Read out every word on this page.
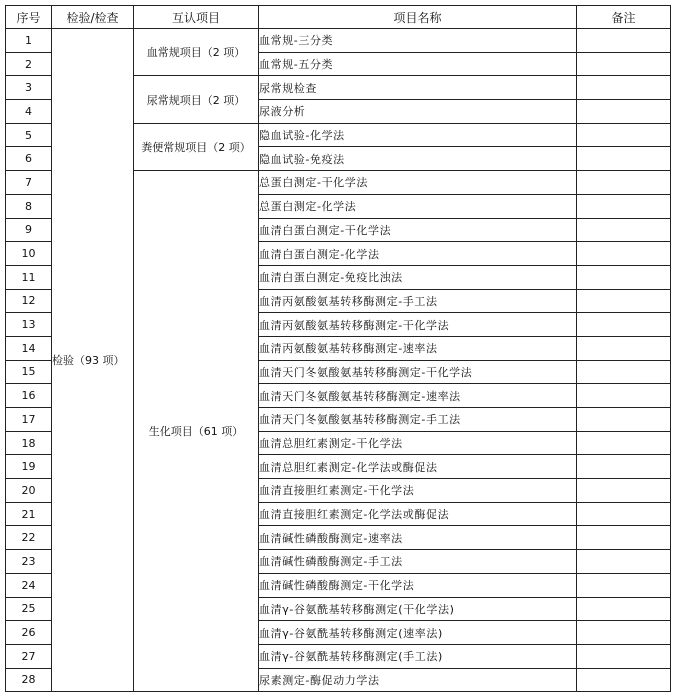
序号	检验/检查	互认项目	项目名称	备注
1	检验（93 项）	血常规项目（2 项）	血常规-三分类	
2			血常规-五分类	
3		尿常规项目（2 项）	尿常规检查	
4			尿液分析	
5		粪便常规项目（2 项）	隐血试验-化学法	
6			隐血试验-免疫法	
7		生化项目（61 项）	总蛋白测定-干化学法	
8			总蛋白测定-化学法	
9			血清白蛋白测定-干化学法	
10			血清白蛋白测定-化学法	
11			血清白蛋白测定-免疫比浊法	
12			血清丙氨酸氨基转移酶测定-手工法	
13			血清丙氨酸氨基转移酶测定-干化学法	
14			血清丙氨酸氨基转移酶测定-速率法	
15			血清天门冬氨酸氨基转移酶测定-干化学法	
16			血清天门冬氨酸氨基转移酶测定-速率法	
17			血清天门冬氨酸氨基转移酶测定-手工法	
18			血清总胆红素测定-干化学法	
19			血清总胆红素测定-化学法或酶促法	
20			血清直接胆红素测定-干化学法	
21			血清直接胆红素测定-化学法或酶促法	
22			血清碱性磷酸酶测定-速率法	
23			血清碱性磷酸酶测定-手工法	
24			血清碱性磷酸酶测定-干化学法	
25			血清γ-谷氨酰基转移酶测定(干化学法)	
26			血清γ-谷氨酰基转移酶测定(速率法)	
27			血清γ-谷氨酰基转移酶测定(手工法)	
28			尿素测定-酶促动力学法	
